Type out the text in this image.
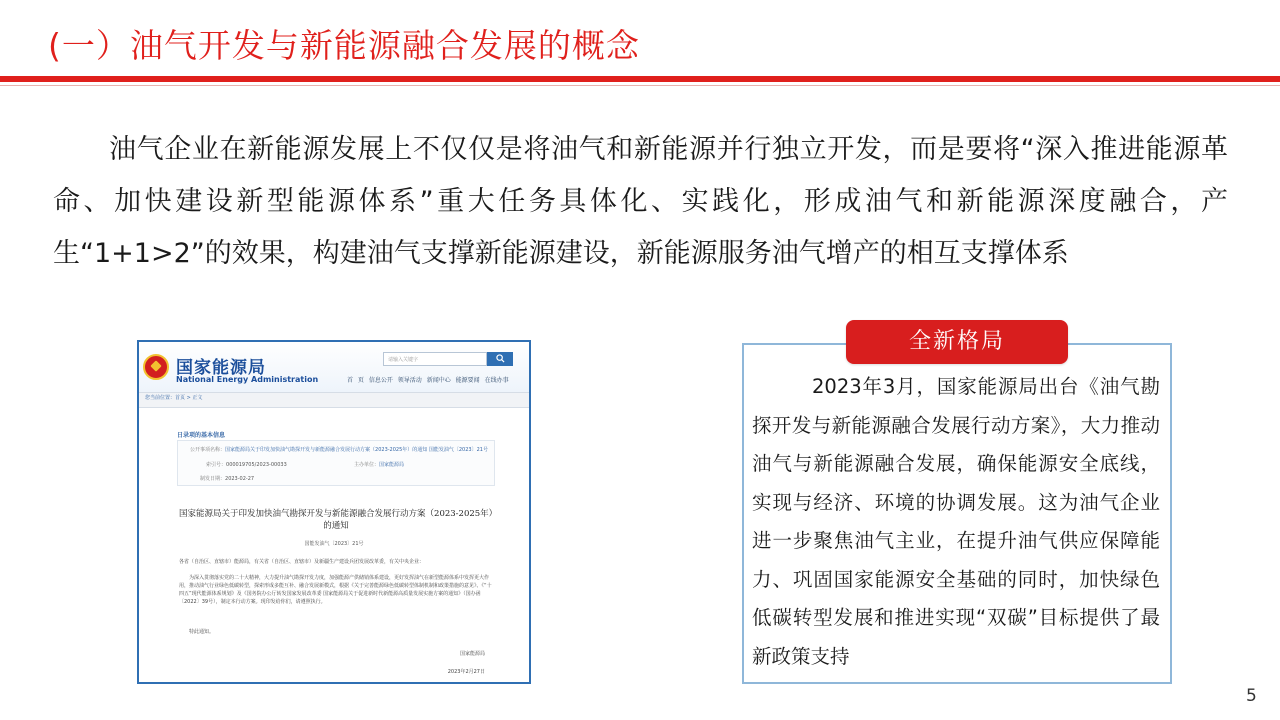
(一）油气开发与新能源融合发展的概念

油气企业在新能源发展上不仅仅是将油气和新能源并行独立开发，而是要将“深入推进能源革命、加快建设新型能源体系”重大任务具体化、实践化，形成油气和新能源深度融合，产生“1+1>2”的效果，构建油气支撑新能源建设，新能源服务油气增产的相互支撑体系

国家能源局
National Energy Administration
请输入关键字
首 页 信息公开 领导活动 新闻中心 能源要闻 在线办事
您当前位置：首页 > 正文
日录项的基本信息
公开事项名称：国家能源局关于印发加快油气勘探开发与新能源融合发展行动方案（2023-2025年）的通知 国能发油气〔2023〕21号
索引号：000019705/2023-00033	主办单位：国家能源局
制发日期：2023-02-27
国家能源局关于印发加快油气勘探开发与新能源融合发展行动方案（2023-2025年）的通知
国能发油气〔2023〕21号
各省（自治区、直辖市）能源局，有关省（自治区、直辖市）及新疆生产建设兵团发展改革委，有关中央企业：
为深入贯彻落实党的二十大精神，大力提升油气勘探开发力度，加强能源产供储销体系建设，更好发挥油气在新型能源体系中发挥更大作用，推动油气行业绿色低碳转型，探索形成多能互补、融合发展新模式，根据《关于完善能源绿色低碳转型体制机制和政策措施的意见》、《“十四五”现代能源体系规划》及《国务院办公厅转发国家发展改革委 国家能源局关于促进新时代新能源高质量发展实施方案的通知》（国办函〔2022〕39号），制定本行动方案。现印发给你们，请遵照执行。
特此通知。
国家能源局
2023年2月27日
全新格局

2023年3月，国家能源局出台《油气勘探开发与新能源融合发展行动方案》，大力推动油气与新能源融合发展，确保能源安全底线，实现与经济、环境的协调发展。这为油气企业进一步聚焦油气主业，在提升油气供应保障能力、巩固国家能源安全基础的同时，加快绿色低碳转型发展和推进实现“双碳”目标提供了最新政策支持

5
